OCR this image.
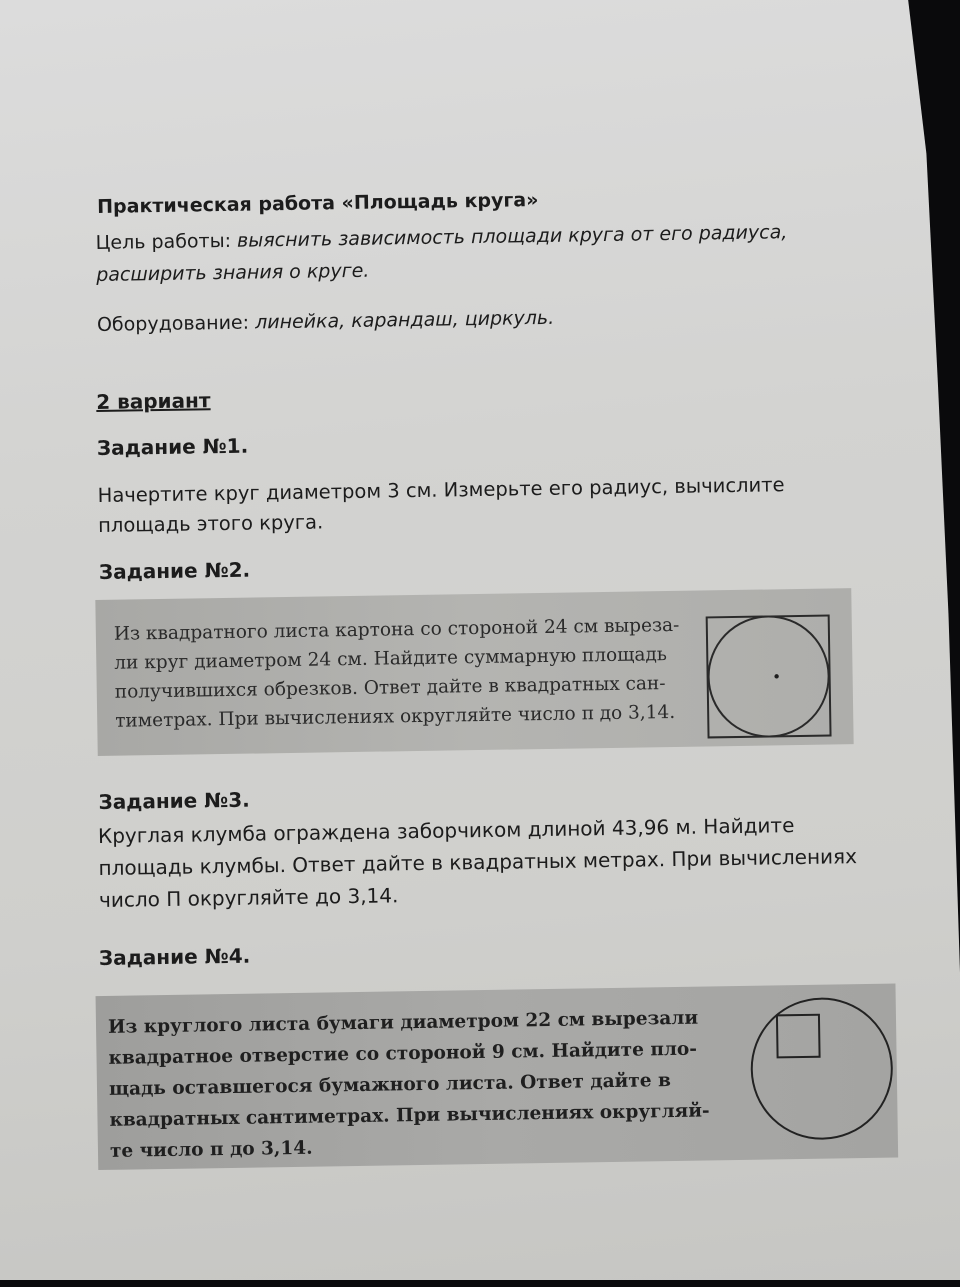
Практическая работа «Площадь круга»
Цель работы: выяснить зависимость площади круга от его радиуса,
расширить знания о круге.
Оборудование: линейка, карандаш, циркуль.
2 вариант
Задание №1.
Начертите круг диаметром 3 см. Измерьте его радиус, вычислите
площадь этого круга.
Задание №2.
Из квадратного листа картона со стороной 24 см выреза-
ли круг диаметром 24 см. Найдите суммарную площадь
получившихся обрезков. Ответ дайте в квадратных сан-
тиметрах. При вычислениях округляйте число π до 3,14.
Задание №3.
Круглая клумба ограждена заборчиком длиной 43,96 м. Найдите
площадь клумбы. Ответ дайте в квадратных метрах. При вычислениях
число П округляйте до 3,14.
Задание №4.
Из круглого листа бумаги диаметром 22 см вырезали
квадратное отверстие со стороной 9 см. Найдите пло-
щадь оставшегося бумажного листа. Ответ дайте в
квадратных сантиметрах. При вычислениях округляй-
те число π до 3,14.
